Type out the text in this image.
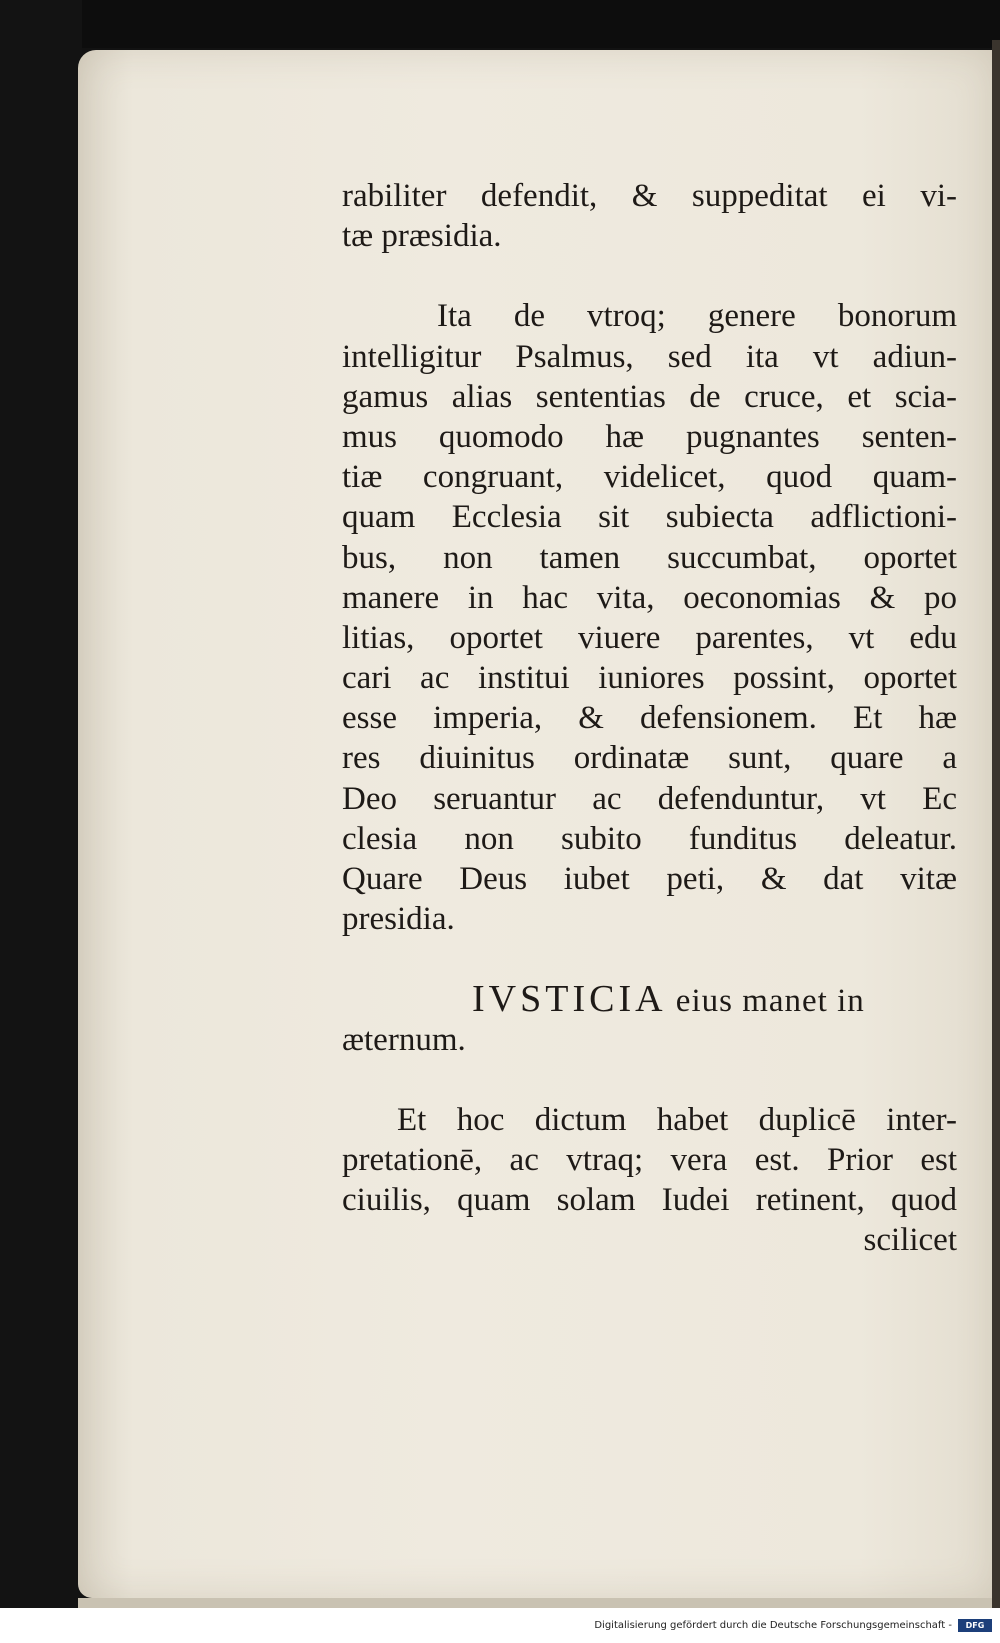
rabiliter defendit, & suppeditat ei vi-
tæ præsidia.
Ita de vtroq; genere bonorum
intelligitur Psalmus, sed ita vt adiun-
gamus alias sententias de cruce, et scia-
mus quomodo hæ pugnantes senten-
tiæ congruant, videlicet, quod quam-
quam Ecclesia sit subiecta adflictioni-
bus, non tamen succumbat, oportet
manere in hac vita, oeconomias & po
litias, oportet viuere parentes, vt edu
cari ac institui iuniores possint, oportet
esse imperia, & defensionem. Et hæ
res diuinitus ordinatæ sunt, quare a
Deo seruantur ac defenduntur, vt Ec
clesia non subito funditus deleatur.
Quare Deus iubet peti, & dat vitæ
presidia.
IVSTICIA eius manet in
æternum.
Et hoc dictum habet duplicē inter-
pretationē, ac vtraq; vera est. Prior est
ciuilis, quam solam Iudei retinent, quod
scilicet
Digitalisierung gefördert durch die Deutsche Forschungsgemeinschaft -	DFG
